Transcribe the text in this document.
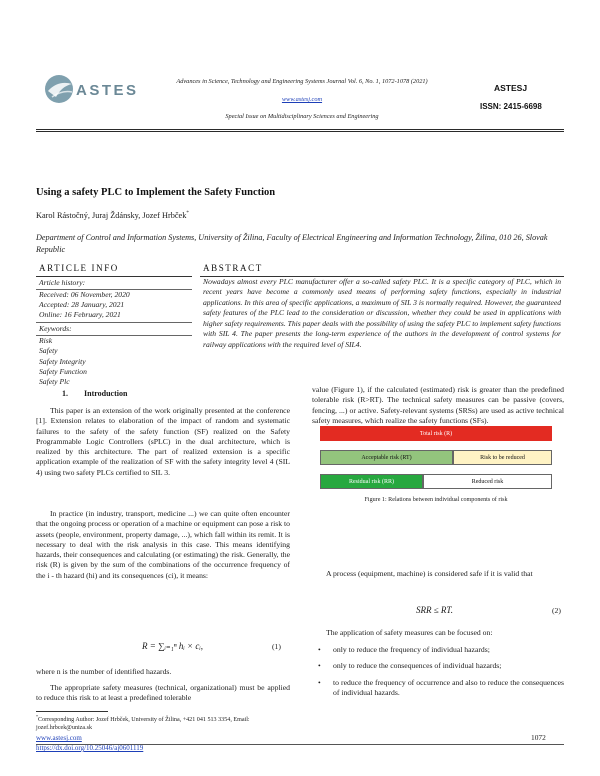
ASTES
Advances in Science, Technology and Engineering Systems Journal Vol. 6, No. 1, 1072-1078 (2021)
www.astesj.com
Special Issue on Multidisciplinary Sciences and Engineering
ASTESJ
ISSN: 2415-6698
Using a safety PLC to Implement the Safety Function
Karol Rástočný, Juraj Ždánsky, Jozef Hrbček*
Department of Control and Information Systems, University of Žilina, Faculty of Electrical Engineering and Information Technology, Žilina, 010 26, Slovak Republic
ARTICLE INFO
Article history:
Received: 06 November, 2020
Accepted: 28 January, 2021
Online: 16 February, 2021
Keywords:
Risk
Safety
Safety Integrity
Safety Function
Safety Plc
ABSTRACT
Nowadays almost every PLC manufacturer offer a so-called safety PLC. It is a specific category of PLC, which in recent years have become a commonly used means of performing safety functions, especially in industrial applications. In this area of specific applications, a maximum of SIL 3 is normally required. However, the guaranteed safety features of the PLC lead to the consideration or discussion, whether they could be used in applications with higher safety requirements. This paper deals with the possibility of using the safety PLC to implement safety functions with SIL 4. The paper presents the long-term experience of the authors in the development of control systems for railway applications with the required level of SIL4.
1. Introduction
This paper is an extension of the work originally presented at the conference [1]. Extension relates to elaboration of the impact of random and systematic failures to the safety of the safety function (SF) realized on the Safety Programmable Logic Controllers (sPLC) in the dual architecture, which is realized by this architecture. The part of realized extension is a specific application example of the realization of SF with the safety integrity level 4 (SIL 4) using two safety PLCs certified to SIL 3.
In practice (in industry, transport, medicine ...) we can quite often encounter that the ongoing process or operation of a machine or equipment can pose a risk to assets (people, environment, property damage, ...), which fall within its remit. It is necessary to deal with the risk analysis in this case. This means identifying hazards, their consequences and calculating (or estimating) the risk. Generally, the risk (R) is given by the sum of the combinations of the occurrence frequency of the i - th hazard (hi) and its consequences (ci), it means:
R = ∑ᵢ₌₁ⁿ hᵢ × cᵢ,	(1)
where n is the number of identified hazards.
The appropriate safety measures (technical, organizational) must be applied to reduce this risk to at least a predefined tolerable
value (Figure 1), if the calculated (estimated) risk is greater than the predefined tolerable risk (R>RT). The technical safety measures can be passive (covers, fencing, ...) or active. Safety-relevant systems (SRSs) are used as active technical safety measures, which realize the safety functions (SFs).
Total risk (R)
Acceptable risk (RT)	Risk to be reduced
Residual risk (RR)	Reduced risk
Figure 1: Relations between individual components of risk
A process (equipment, machine) is considered safe if it is valid that
SRR ≤ RT.	(2)
The application of safety measures can be focused on:
• only to reduce the frequency of individual hazards;
• only to reduce the consequences of individual hazards;
• to reduce the frequency of occurrence and also to reduce the consequences of individual hazards.
*Corresponding Author: Jozef Hrbček, University of Žilina, +421 041 513 3354, Email: jozef.hrbcek@uniza.sk
www.astesj.com
https://dx.doi.org/10.25046/aj0601119
1072
